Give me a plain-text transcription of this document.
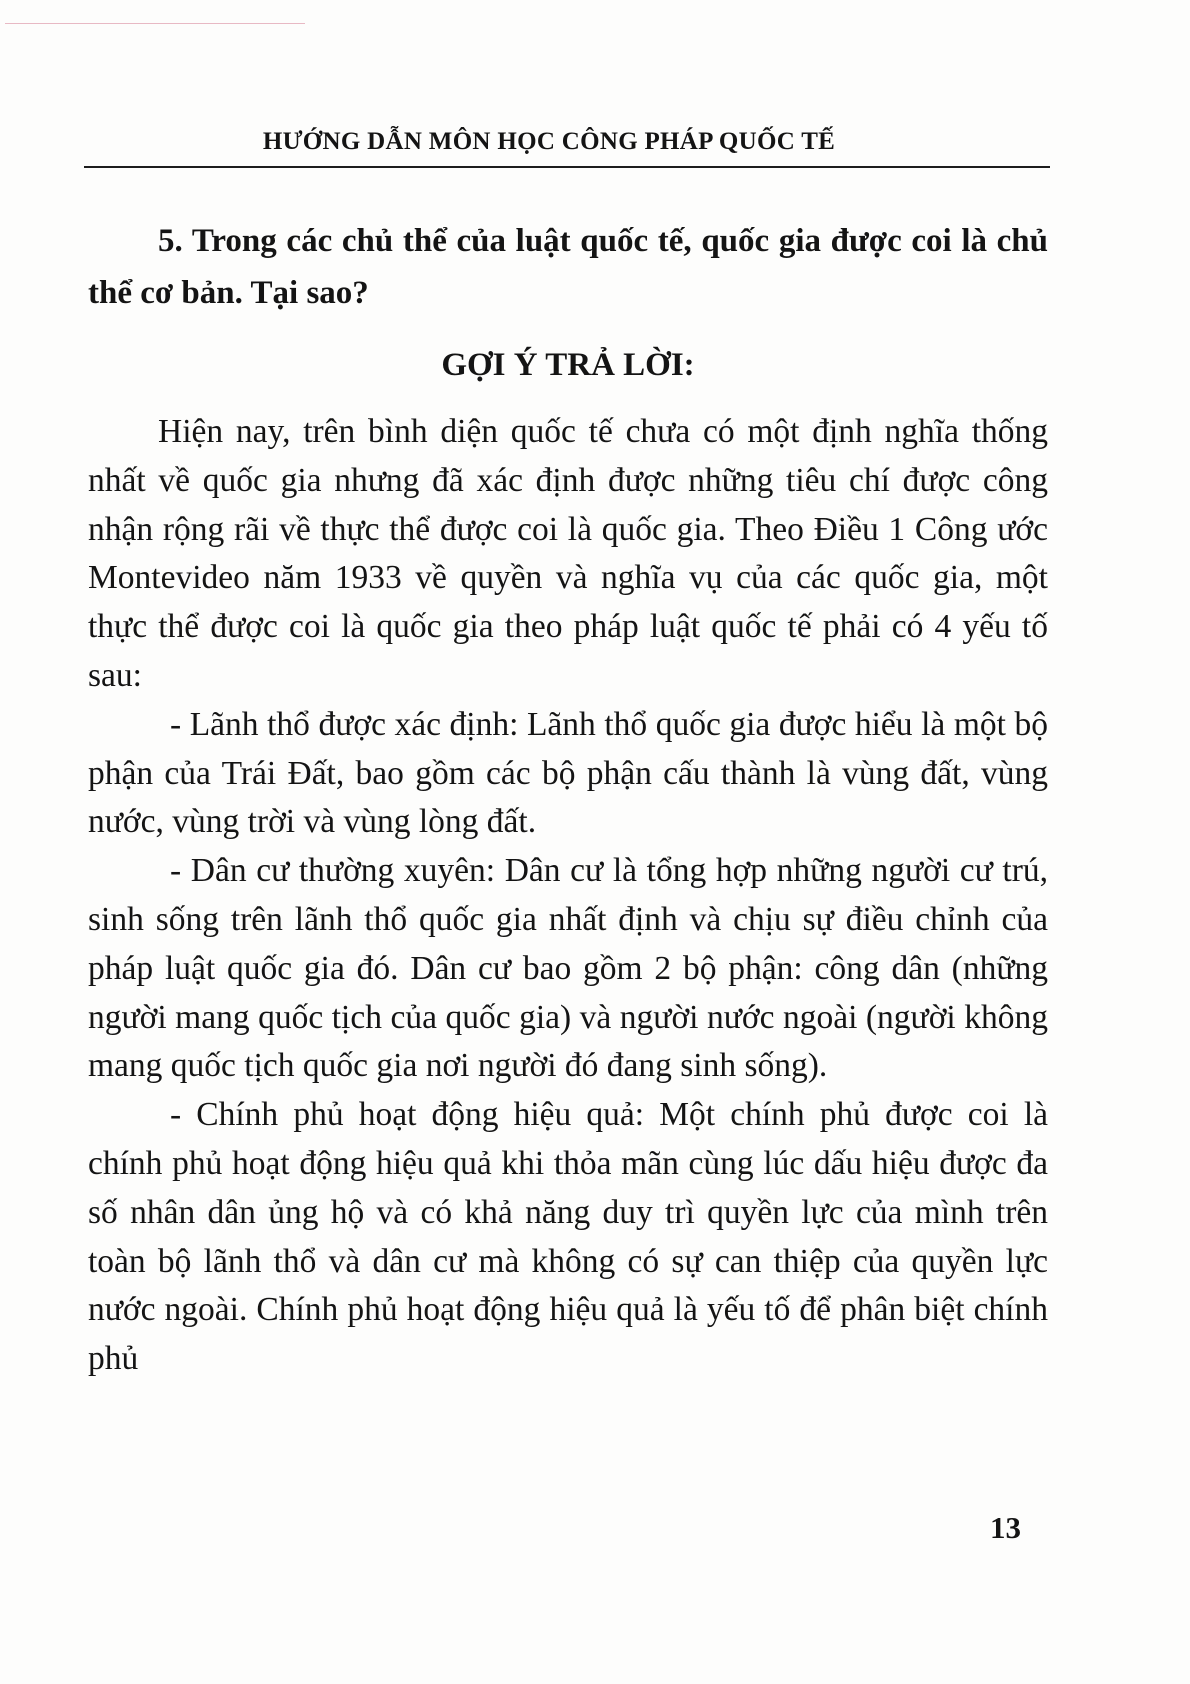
HƯỚNG DẪN MÔN HỌC CÔNG PHÁP QUỐC TẾ
5. Trong các chủ thể của luật quốc tế, quốc gia được coi là chủ thể cơ bản. Tại sao?
GỢI Ý TRẢ LỜI:

Hiện nay, trên bình diện quốc tế chưa có một định nghĩa thống nhất về quốc gia nhưng đã xác định được những tiêu chí được công nhận rộng rãi về thực thể được coi là quốc gia. Theo Điều 1 Công ước Montevideo năm 1933 về quyền và nghĩa vụ của các quốc gia, một thực thể được coi là quốc gia theo pháp luật quốc tế phải có 4 yếu tố sau:

- Lãnh thổ được xác định: Lãnh thổ quốc gia được hiểu là một bộ phận của Trái Đất, bao gồm các bộ phận cấu thành là vùng đất, vùng nước, vùng trời và vùng lòng đất.

- Dân cư thường xuyên: Dân cư là tổng hợp những người cư trú, sinh sống trên lãnh thổ quốc gia nhất định và chịu sự điều chỉnh của pháp luật quốc gia đó. Dân cư bao gồm 2 bộ phận: công dân (những người mang quốc tịch của quốc gia) và người nước ngoài (người không mang quốc tịch quốc gia nơi người đó đang sinh sống).

- Chính phủ hoạt động hiệu quả: Một chính phủ được coi là chính phủ hoạt động hiệu quả khi thỏa mãn cùng lúc dấu hiệu được đa số nhân dân ủng hộ và có khả năng duy trì quyền lực của mình trên toàn bộ lãnh thổ và dân cư mà không có sự can thiệp của quyền lực nước ngoài. Chính phủ hoạt động hiệu quả là yếu tố để phân biệt chính phủ

13
